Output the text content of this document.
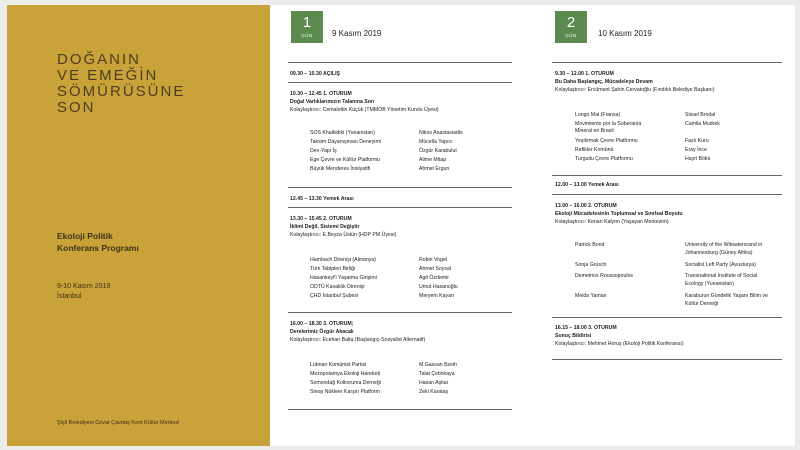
DOĞANIN
VE EMEĞİN
SÖMÜRÜSÜNE
SON
Ekoloji Politik
Konferans Programı
9-10 Kasım 2019
İstanbul
Şişli Belediyesi Cevat Çavdaş Kent Kültür Merkezi
1
GÜN	9 Kasım 2019
09.30 – 10.30 AÇILIŞ
10.30 – 12.45 1. OTURUM
Doğal Varlıklarımızın Talanına Son
Kolaylaştırıcı: Cemalettin Küçük (TMMOB Yönetim Kurulu Üyesi)
SOS Khalkidiki (Yunanistan)
Taksim Dayanışması Deneyimi
Dev-Yapı İş
Ege Çevre ve Kültür Platformu
Büyük Menderes İnisiyatifi
Nikos Anastasiadis
Mücella Yapıcı
Özgür Karabulut
Alime Mitap
Ahmet Ergun
12.45 – 13.30 Yemek Arası
13.30 – 15.45 2. OTURUM
İklimi Değil, Sistemi Değiştir
Kolaylaştırıcı: E.Beyza Üstün (HDP PM Üyesi)
Hambach Direnişi (Almanya)
Türk Tabipleri Birliği
Hasankeyf'i Yaşatma Girişimi
ODTÜ Kavaklık Direnişi
ÇHD İstanbul Şubesi
Robin Vogel
Ahmet Soysal
Agit Özdemir
Umut Hasanoğlu
Meryem Kayan
16.00 – 18.30 3. OTURUM;
Derelerimiz Özgür Akacak
Kolaylaştırıcı: Ecehan Balta (Başlangıç-Sosyalist Alternatif)
Lübnan Komünist Partisi
Mezopotamya Ekoloji Hareketi
Somondağ Kolkoruma Derneği
Sinop Nükleer Karşıtı Platform
M.Gassan Bzeih
Talat Çetinkaya
Hasan Aşkar
Zeki Karataş
2
GÜN	10 Kasım 2019
9.30 – 12.00 1. OTURUM
Bu Daha Başlangıç, Mücadeleye Devam
Kolaylaştırıcı: Ercüment Şahin Cervatoğlu (Fındıklı Belediye Başkanı)
Longo Mai (Fransa)
Movimiento por la Soberanía
Mineral en Brasil
Yeşilırmak Çevre Platformu
Refikler Komünü
Turgutlu Çevre Platformu
Sissel Brodal
Camila Mudrek
Fazlı Kuru
Eray İnce
Hayri Bökü
12.00 – 13.00 Yemek Arası
13.00 – 16.00 2. OTURUM
Ekoloji Mücadelesinin Toplumsal ve Sınıfsal Boyutu
Kolaylaştırıcı: Kenan Kalyon (Yaşayan Merkezim)
Patrick Bond
Sonja Grusch
Demetrios Roussopoulos
Melda Yaman
University of the Witwatersrand in
Johannesburg (Güney Afrika)
Socialist Left Party (Avusturya)
Transnational Institute of Social
Ecology (Yunanistan)
Karaburun Gündelik Yaşam Bilim ve
Kültür Derneği
16.15 – 18.00 3. OTURUM
Sonuç Bildirisi
Kolaylaştırıcı: Mehmet Horuş (Ekoloji Politik Konferansı)
